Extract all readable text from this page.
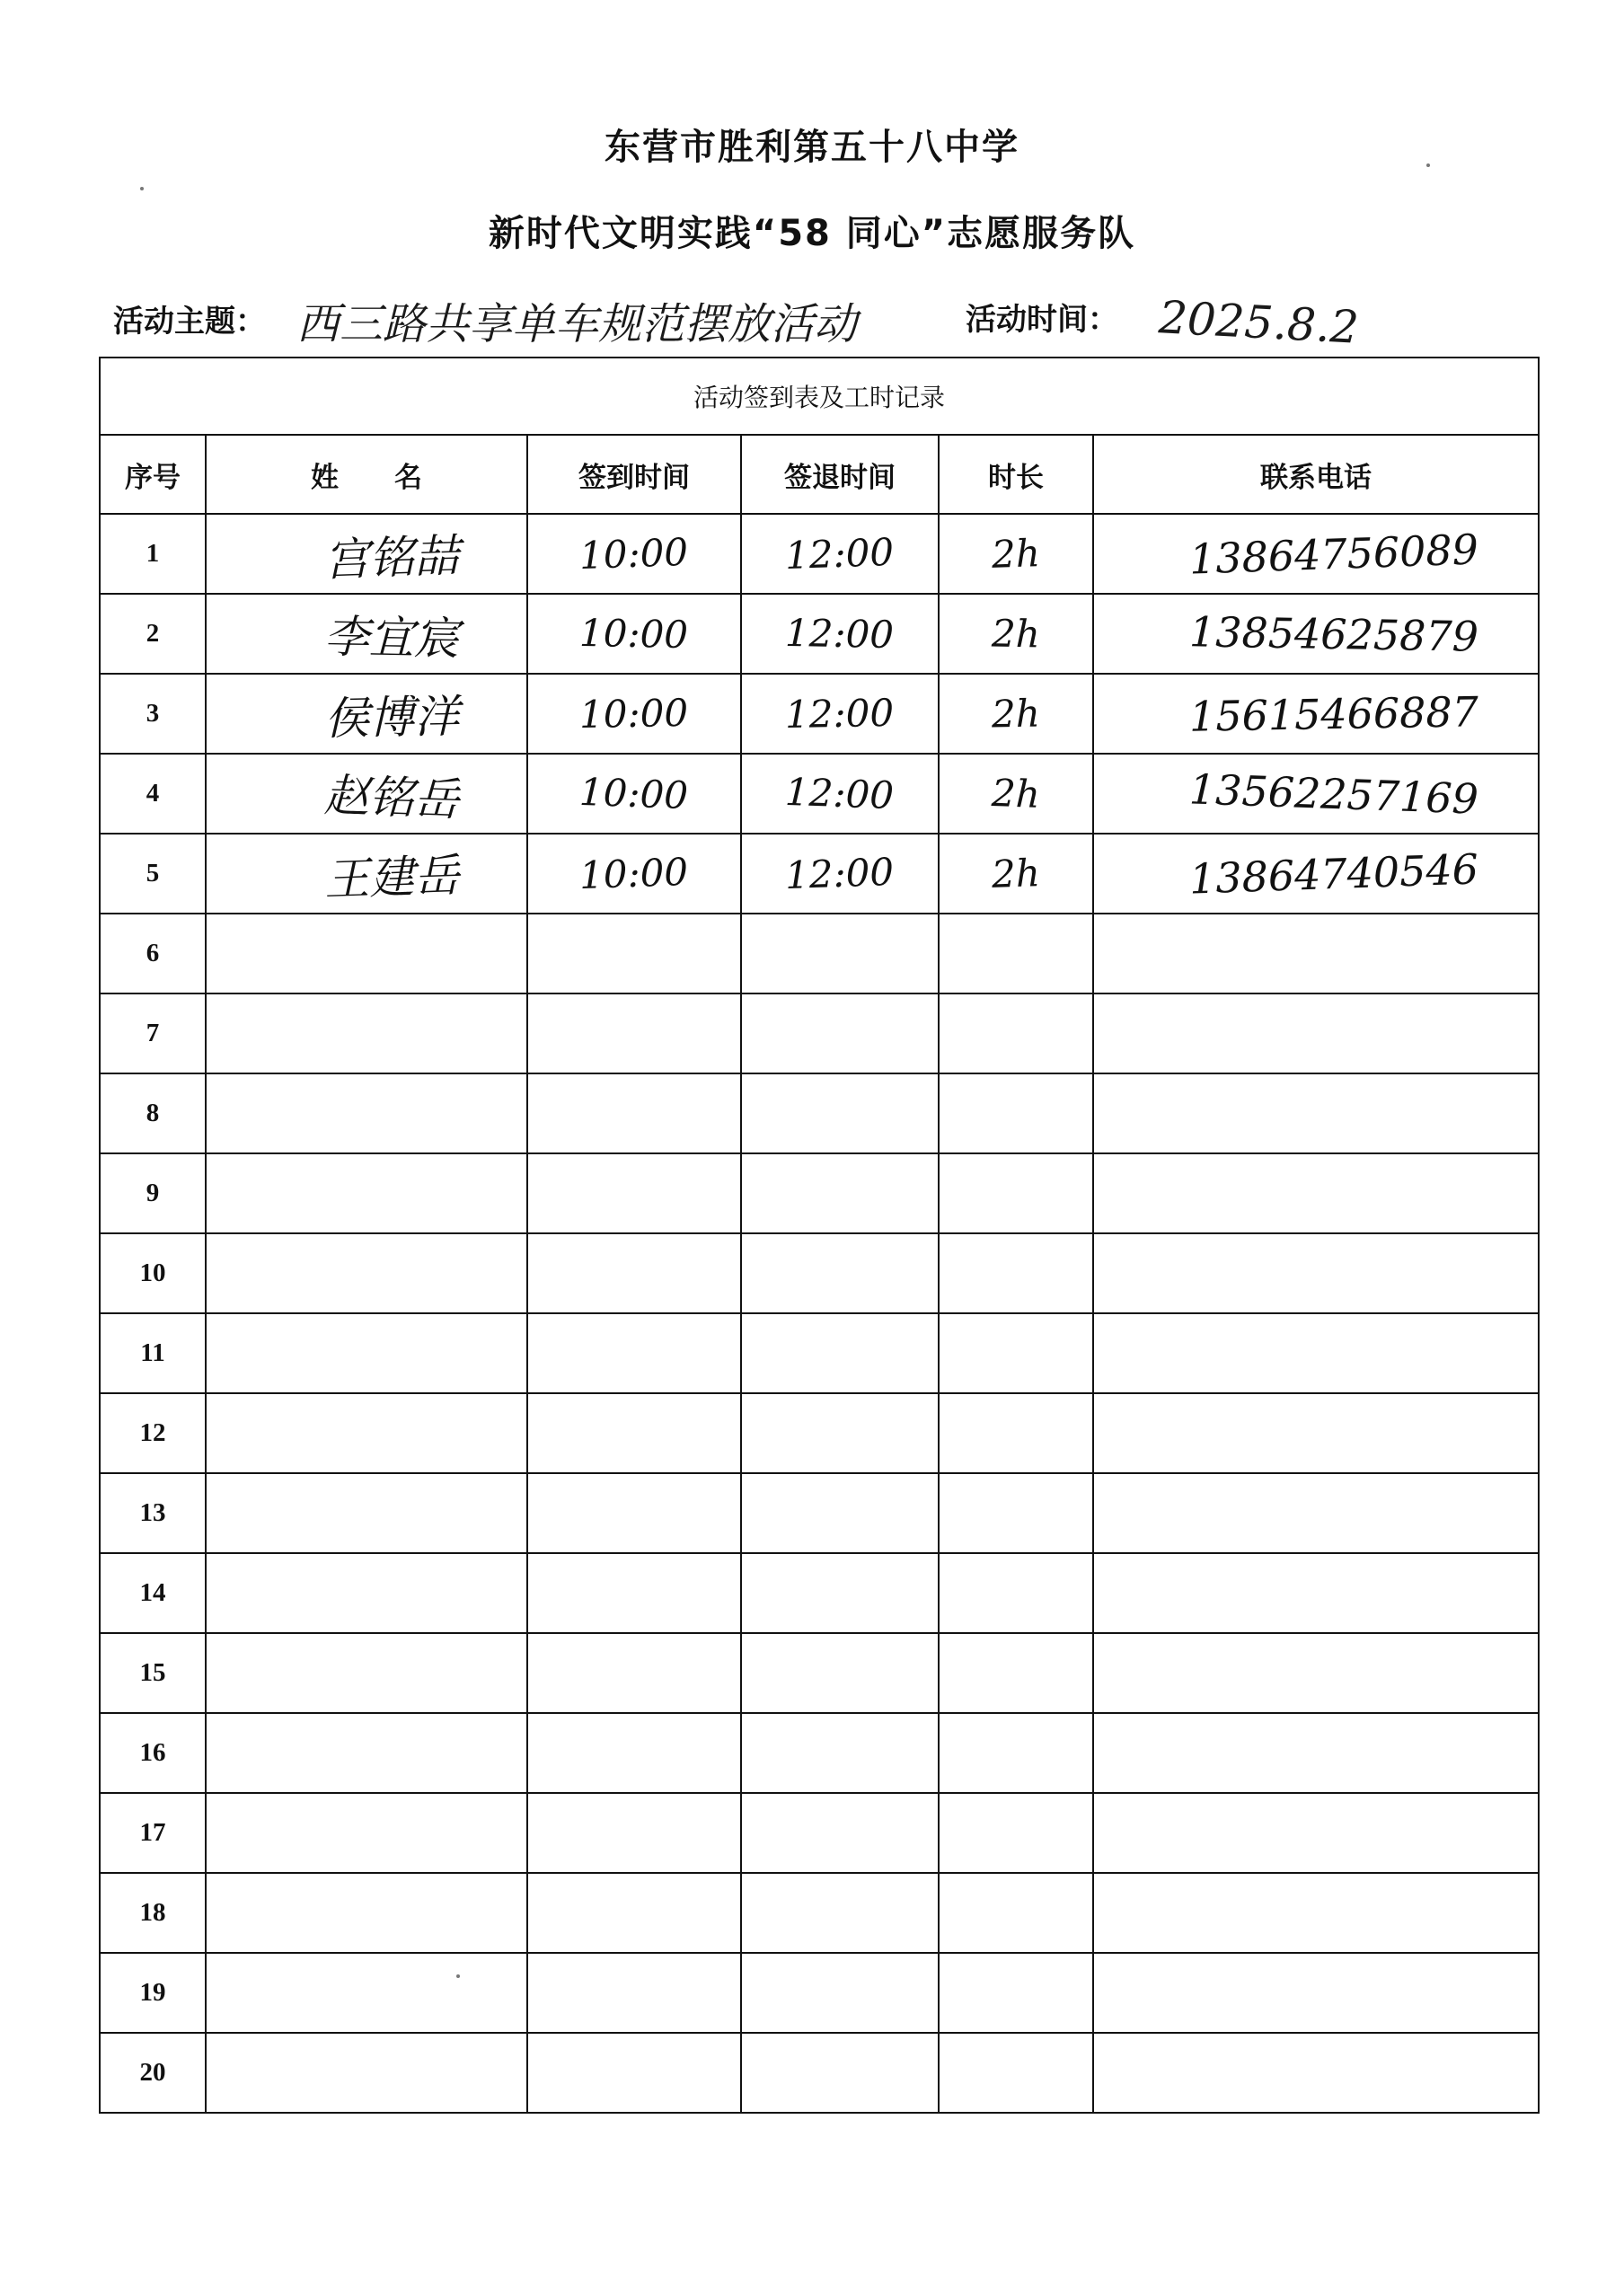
东营市胜利第五十八中学
新时代文明实践“58 同心”志愿服务队
活动主题： 西三路共享单车规范摆放活动	活动时间： 2025.8.2
活动签到表及工时记录					
序号	姓　　名	签到时间	签退时间	时长	联系电话
1	宫铭喆	10:00	12:00	2h	13864756089
2	李宜宸	10:00	12:00	2h	13854625879
3	侯博洋	10:00	12:00	2h	15615466887
4	赵铭岳	10:00	12:00	2h	13562257169
5	王建岳	10:00	12:00	2h	13864740546
6					
7					
8					
9					
10					
11					
12					
13					
14					
15					
16					
17					
18					
19					
20					
